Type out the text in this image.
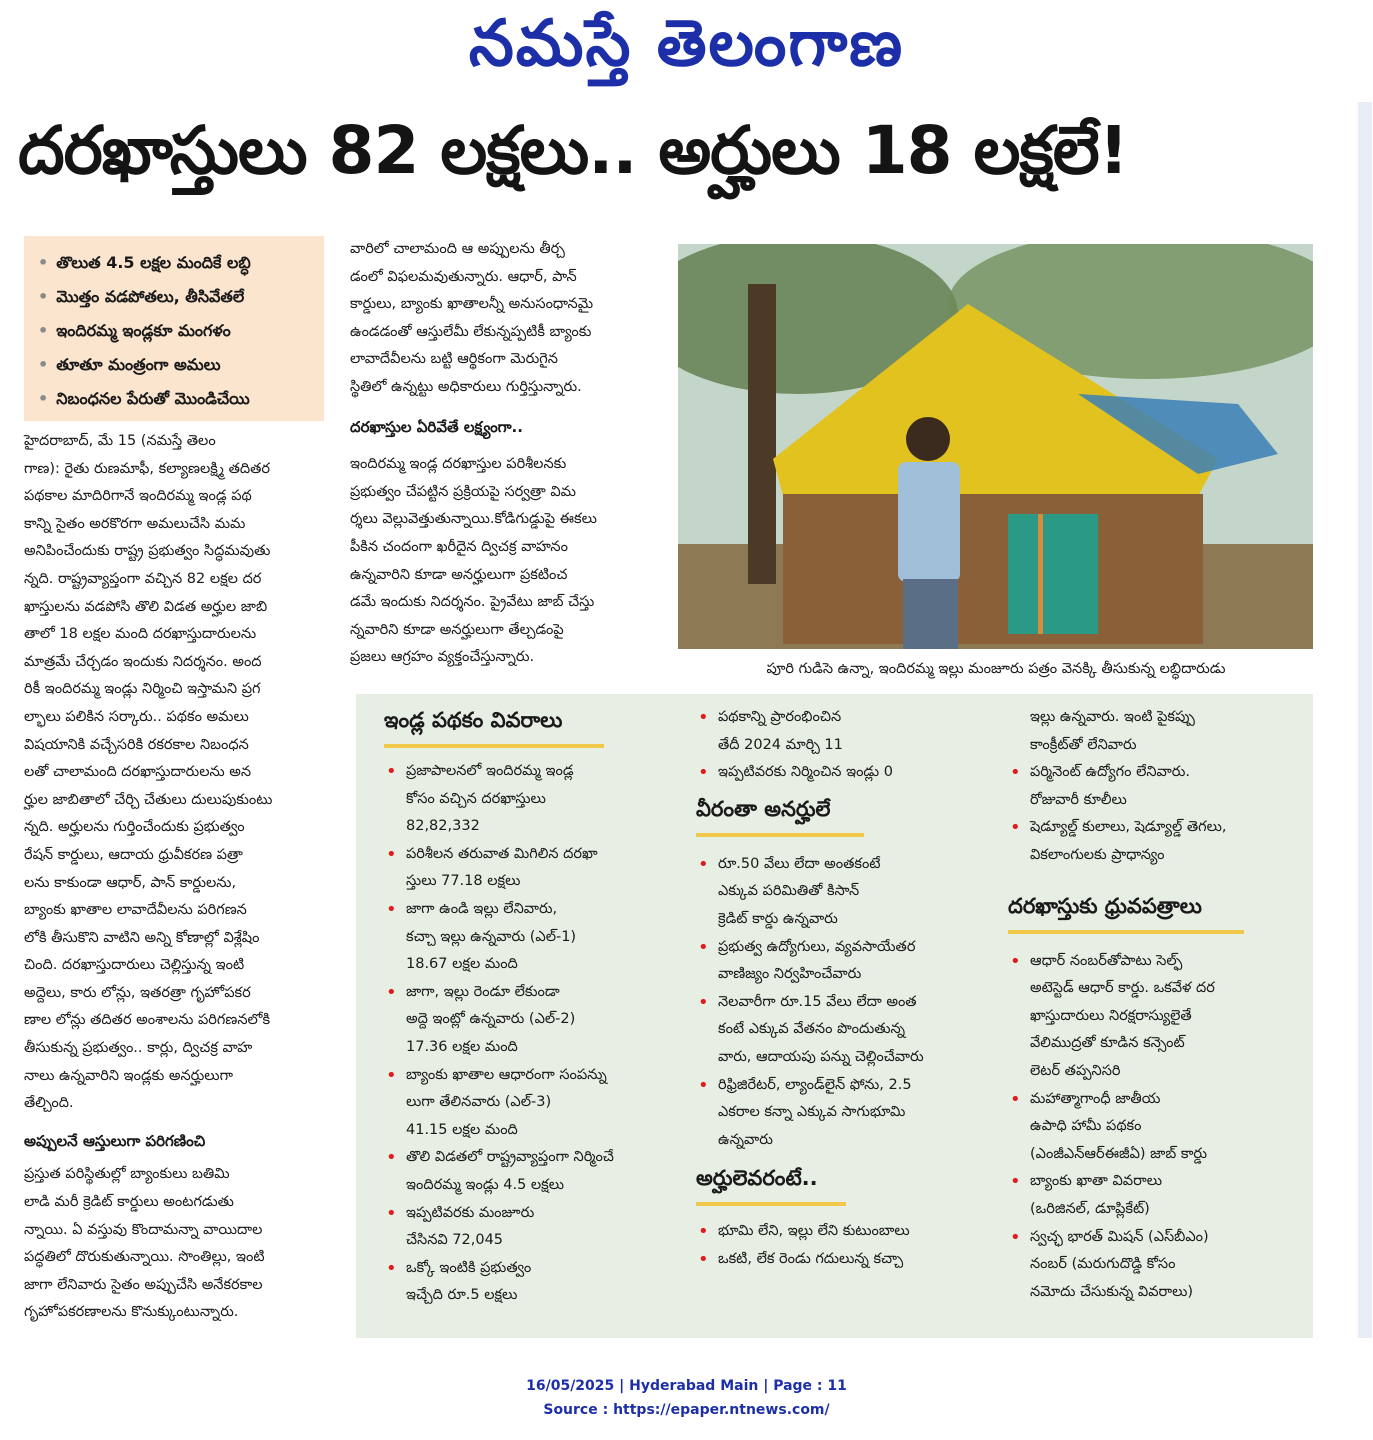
నమస్తే తెలంగాణ
దరఖాస్తులు 82 లక్షలు.. అర్హులు 18 లక్షలే!
• తొలుత 4.5 లక్షల మందికే లబ్ధి
• మొత్తం వడపోతలు, తీసివేతలే
• ఇందిరమ్మ ఇండ్లకూ మంగళం
• తూతూ మంత్రంగా అమలు
• నిబంధనల పేరుతో మొండిచేయి
హైదరాబాద్, మే 15 (నమస్తే తెలం
గాణ): రైతు రుణమాఫీ, కల్యాణలక్ష్మి తదితర
పథకాల మాదిరిగానే ఇందిరమ్మ ఇండ్ల పథ
కాన్ని సైతం అరకొరగా అమలుచేసి మమ
అనిపించేందుకు రాష్ట్ర ప్రభుత్వం సిద్ధమవుతు
న్నది. రాష్ట్రవ్యాప్తంగా వచ్చిన 82 లక్షల దర
ఖాస్తులను వడపోసి తొలి విడత అర్హుల జాబి
తాలో 18 లక్షల మంది దరఖాస్తుదారులను
మాత్రమే చేర్చడం ఇందుకు నిదర్శనం. అంద
రికీ ఇందిరమ్మ ఇండ్లు నిర్మించి ఇస్తామని ప్రగ
ల్భాలు పలికిన సర్కారు.. పథకం అమలు
విషయానికి వచ్చేసరికి రకరకాల నిబంధన
లతో చాలామంది దరఖాస్తుదారులను అన
ర్హుల జాబితాలో చేర్చి చేతులు దులుపుకుంటు
న్నది. అర్హులను గుర్తించేందుకు ప్రభుత్వం
రేషన్ కార్డులు, ఆదాయ ధ్రువీకరణ పత్రా
లను కాకుండా ఆధార్, పాన్ కార్డులను,
బ్యాంకు ఖాతాల లావాదేవీలను పరిగణన
లోకి తీసుకొని వాటిని అన్ని కోణాల్లో విశ్లేషిం
చింది. దరఖాస్తుదారులు చెల్లిస్తున్న ఇంటి
అద్దెలు, కారు లోన్లు, ఇతరత్రా గృహోపకర
ణాల లోన్లు తదితర అంశాలను పరిగణనలోకి
తీసుకున్న ప్రభుత్వం.. కార్లు, ద్విచక్ర వాహ
నాలు ఉన్నవారిని ఇండ్లకు అనర్హులుగా
తేల్చింది.
అప్పులనే ఆస్తులుగా పరిగణించి
ప్రస్తుత పరిస్థితుల్లో బ్యాంకులు బతిమి
లాడి మరీ క్రెడిట్ కార్డులు అంటగడుతు
న్నాయి. ఏ వస్తువు కొందామన్నా వాయిదాల
పద్ధతిలో దొరుకుతున్నాయి. సొంతిల్లు, ఇంటి
జాగా లేనివారు సైతం అప్పుచేసి అనేకరకాల
గృహోపకరణాలను కొనుక్కుంటున్నారు.
వారిలో చాలామంది ఆ అప్పులను తీర్చ
డంలో విఫలమవుతున్నారు. ఆధార్, పాన్
కార్డులు, బ్యాంకు ఖాతాలన్నీ అనుసంధానమై
ఉండడంతో ఆస్తులేమీ లేకున్నప్పటికీ బ్యాంకు
లావాదేవీలను బట్టి ఆర్థికంగా మెరుగైన
స్థితిలో ఉన్నట్టు అధికారులు గుర్తిస్తున్నారు.
దరఖాస్తుల ఏరివేతే లక్ష్యంగా..
ఇందిరమ్మ ఇండ్ల దరఖాస్తుల పరిశీలనకు
ప్రభుత్వం చేపట్టిన ప్రక్రియపై సర్వత్రా విమ
ర్శలు వెల్లువెత్తుతున్నాయి.కోడిగుడ్డుపై ఈకలు
పీకిన చందంగా ఖరీదైన ద్విచక్ర వాహనం
ఉన్నవారిని కూడా అనర్హులుగా ప్రకటించ
డమే ఇందుకు నిదర్శనం. ప్రైవేటు జాబ్ చేస్తు
న్నవారిని కూడా అనర్హులుగా తేల్చడంపై
ప్రజలు ఆగ్రహం వ్యక్తంచేస్తున్నారు.
పూరి గుడిసె ఉన్నా, ఇందిరమ్మ ఇల్లు మంజూరు పత్రం వెనక్కి తీసుకున్న లబ్ధిదారుడు
ఇండ్ల పథకం వివరాలు
• ప్రజాపాలనలో ఇందిరమ్మ ఇండ్ల
కోసం వచ్చిన దరఖాస్తులు
82,82,332
• పరిశీలన తరువాత మిగిలిన దరఖా
స్తులు 77.18 లక్షలు
• జాగా ఉండి ఇల్లు లేనివారు,
కచ్చా ఇల్లు ఉన్నవారు (ఎల్-1)
18.67 లక్షల మంది
• జాగా, ఇల్లు రెండూ లేకుండా
అద్దె ఇంట్లో ఉన్నవారు (ఎల్-2)
17.36 లక్షల మంది
• బ్యాంకు ఖాతాల ఆధారంగా సంపన్ను
లుగా తేలినవారు (ఎల్-3)
41.15 లక్షల మంది
• తొలి విడతలో రాష్ట్రవ్యాప్తంగా నిర్మించే
ఇందిరమ్మ ఇండ్లు 4.5 లక్షలు
• ఇప్పటివరకు మంజూరు
చేసినవి 72,045
• ఒక్కో ఇంటికి ప్రభుత్వం
ఇచ్చేది రూ.5 లక్షలు
• పథకాన్ని ప్రారంభించిన
తేదీ 2024 మార్చి 11
• ఇప్పటివరకు నిర్మించిన ఇండ్లు 0
వీరంతా అనర్హులే
• రూ.50 వేలు లేదా అంతకంటే
ఎక్కువ పరిమితితో కిసాన్
క్రెడిట్ కార్డు ఉన్నవారు
• ప్రభుత్వ ఉద్యోగులు, వ్యవసాయేతర
వాణిజ్యం నిర్వహించేవారు
• నెలవారీగా రూ.15 వేలు లేదా అంత
కంటే ఎక్కువ వేతనం పొందుతున్న
వారు, ఆదాయపు పన్ను చెల్లించేవారు
• రిఫ్రిజిరేటర్, ల్యాండ్‌లైన్ ఫోను, 2.5
ఎకరాల కన్నా ఎక్కువ సాగుభూమి
ఉన్నవారు
అర్హులెవరంటే..
• భూమి లేని, ఇల్లు లేని కుటుంబాలు
• ఒకటి, లేక రెండు గదులున్న కచ్చా
ఇల్లు ఉన్నవారు. ఇంటి పైకప్పు
కాంక్రీట్‌తో లేనివారు
• పర్మినెంట్ ఉద్యోగం లేనివారు.
రోజువారీ కూలీలు
• షెడ్యూల్డ్ కులాలు, షెడ్యూల్డ్ తెగలు,
వికలాంగులకు ప్రాధాన్యం
దరఖాస్తుకు ధ్రువపత్రాలు
• ఆధార్ నంబర్‌తోపాటు సెల్ఫ్
అటెస్టెడ్ ఆధార్ కార్డు. ఒకవేళ దర
ఖాస్తుదారులు నిరక్షరాస్యులైతే
వేలిముద్రతో కూడిన కన్సెంట్
లెటర్ తప్పనిసరి
• మహాత్మాగాంధీ జాతీయ
ఉపాధి హామీ పథకం
(ఎంజీఎన్ఆర్ఈజీఏ) జాబ్ కార్డు
• బ్యాంకు ఖాతా వివరాలు
(ఒరిజినల్, డూప్లికేట్)
• స్వచ్ఛ భారత్ మిషన్ (ఎస్‌బీఎం)
నంబర్ (మరుగుదొడ్డి కోసం
నమోదు చేసుకున్న వివరాలు)
16/05/2025 | Hyderabad Main | Page : 11
Source : https://epaper.ntnews.com/
